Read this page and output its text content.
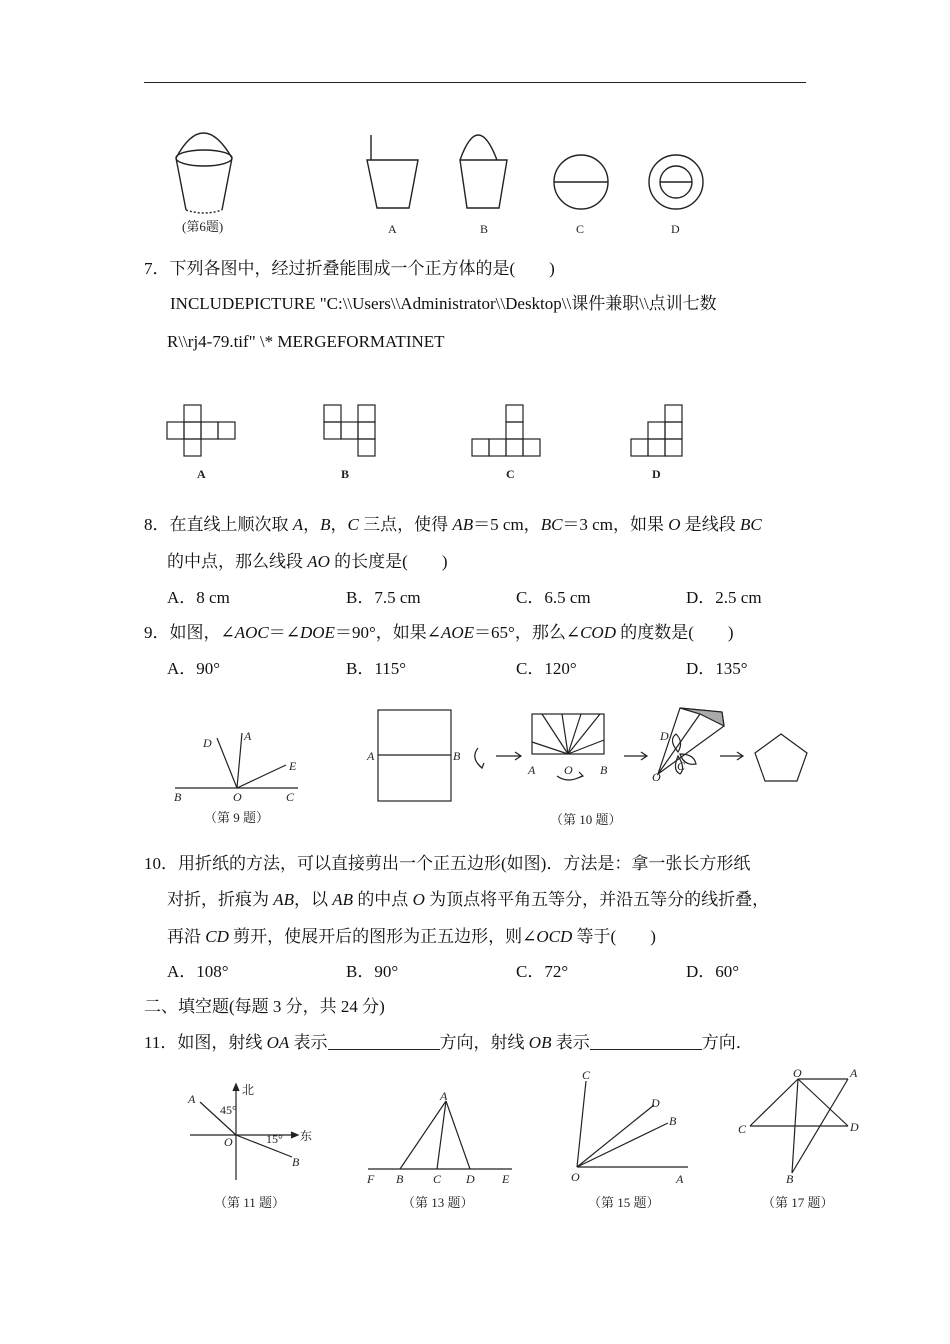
(第6题)	A	B	C	D
7．下列各图中，经过折叠能围成一个正方体的是(　　)
INCLUDEPICTURE "C:\\Users\\Administrator\\Desktop\\课件兼职\\点训七数
R\\rj4-79.tif" \* MERGEFORMATINET
A	B	C	D
8．在直线上顺次取 A，B，C 三点，使得 AB＝5 cm，BC＝3 cm，如果 O 是线段 BC
的中点，那么线段 AO 的长度是(　　)
A．8 cm	B．7.5 cm	C．6.5 cm	D．2.5 cm
9．如图，∠AOC＝∠DOE＝90°，如果∠AOE＝65°，那么∠COD 的度数是(　　)
A．90°	B．115°	C．120°	D．135°
D	A
E
B	O	C
（第 9 题）
A	B
A O B
D
C
O
（第 10 题）
10．用折纸的方法，可以直接剪出一个正五边形(如图)．方法是：拿一张长方形纸
对折，折痕为 AB，以 AB 的中点 O 为顶点将平角五等分，并沿五等分的线折叠，
再沿 CD 剪开，使展开后的图形为正五边形，则∠OCD 等于(　　)
A．108°	B．90°	C．72°	D．60°
二、填空题(每题 3 分，共 24 分)
11．如图，射线 OA 表示	方向，射线 OB 表示	方向．
北
东
45°
15°
A
O
B
（第 11 题）
A
F B C D E
（第 13 题）
C
D
B
O	A
（第 15 题）
O	A
C	D
B
（第 17 题）
